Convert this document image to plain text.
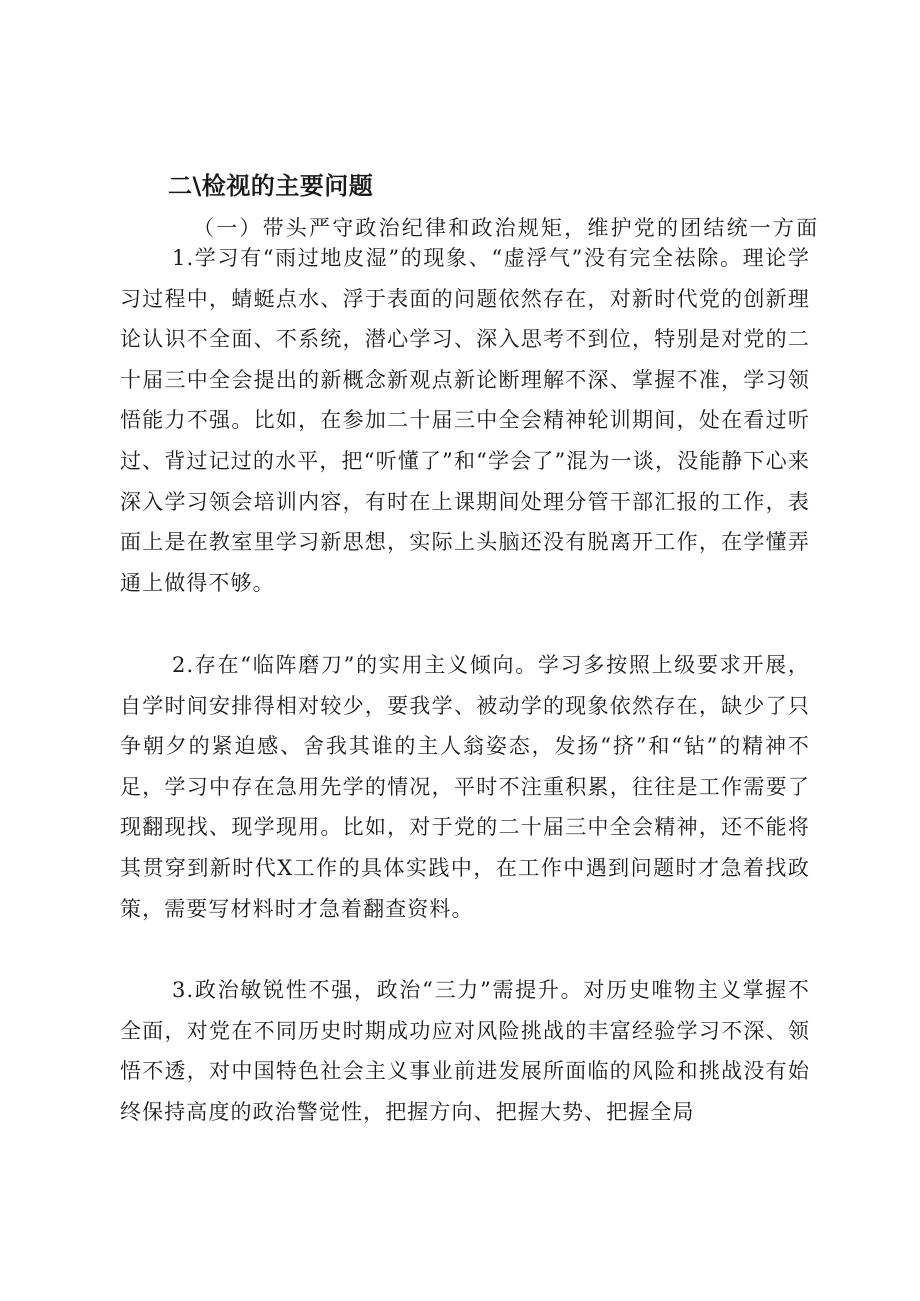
二\检视的主要问题

（一）带头严守政治纪律和政治规矩，维护党的团结统一方面

1.学习有“雨过地皮湿”的现象、“虚浮气”没有完全祛除。理论学习过程中，蜻蜓点水、浮于表面的问题依然存在，对新时代党的创新理论认识不全面、不系统，潜心学习、深入思考不到位，特别是对党的二十届三中全会提出的新概念新观点新论断理解不深、掌握不准，学习领悟能力不强。比如，在参加二十届三中全会精神轮训期间，处在看过听过、背过记过的水平，把“听懂了”和“学会了”混为一谈，没能静下心来深入学习领会培训内容，有时在上课期间处理分管干部汇报的工作，表面上是在教室里学习新思想，实际上头脑还没有脱离开工作，在学懂弄通上做得不够。

2.存在“临阵磨刀”的实用主义倾向。学习多按照上级要求开展，自学时间安排得相对较少，要我学、被动学的现象依然存在，缺少了只争朝夕的紧迫感、舍我其谁的主人翁姿态，发扬“挤”和“钻”的精神不足，学习中存在急用先学的情况，平时不注重积累，往往是工作需要了现翻现找、现学现用。比如，对于党的二十届三中全会精神，还不能将其贯穿到新时代X工作的具体实践中，在工作中遇到问题时才急着找政策，需要写材料时才急着翻查资料。

3.政治敏锐性不强，政治“三力”需提升。对历史唯物主义掌握不全面，对党在不同历史时期成功应对风险挑战的丰富经验学习不深、领悟不透，对中国特色社会主义事业前进发展所面临的风险和挑战没有始终保持高度的政治警觉性，把握方向、把握大势、把握全局
